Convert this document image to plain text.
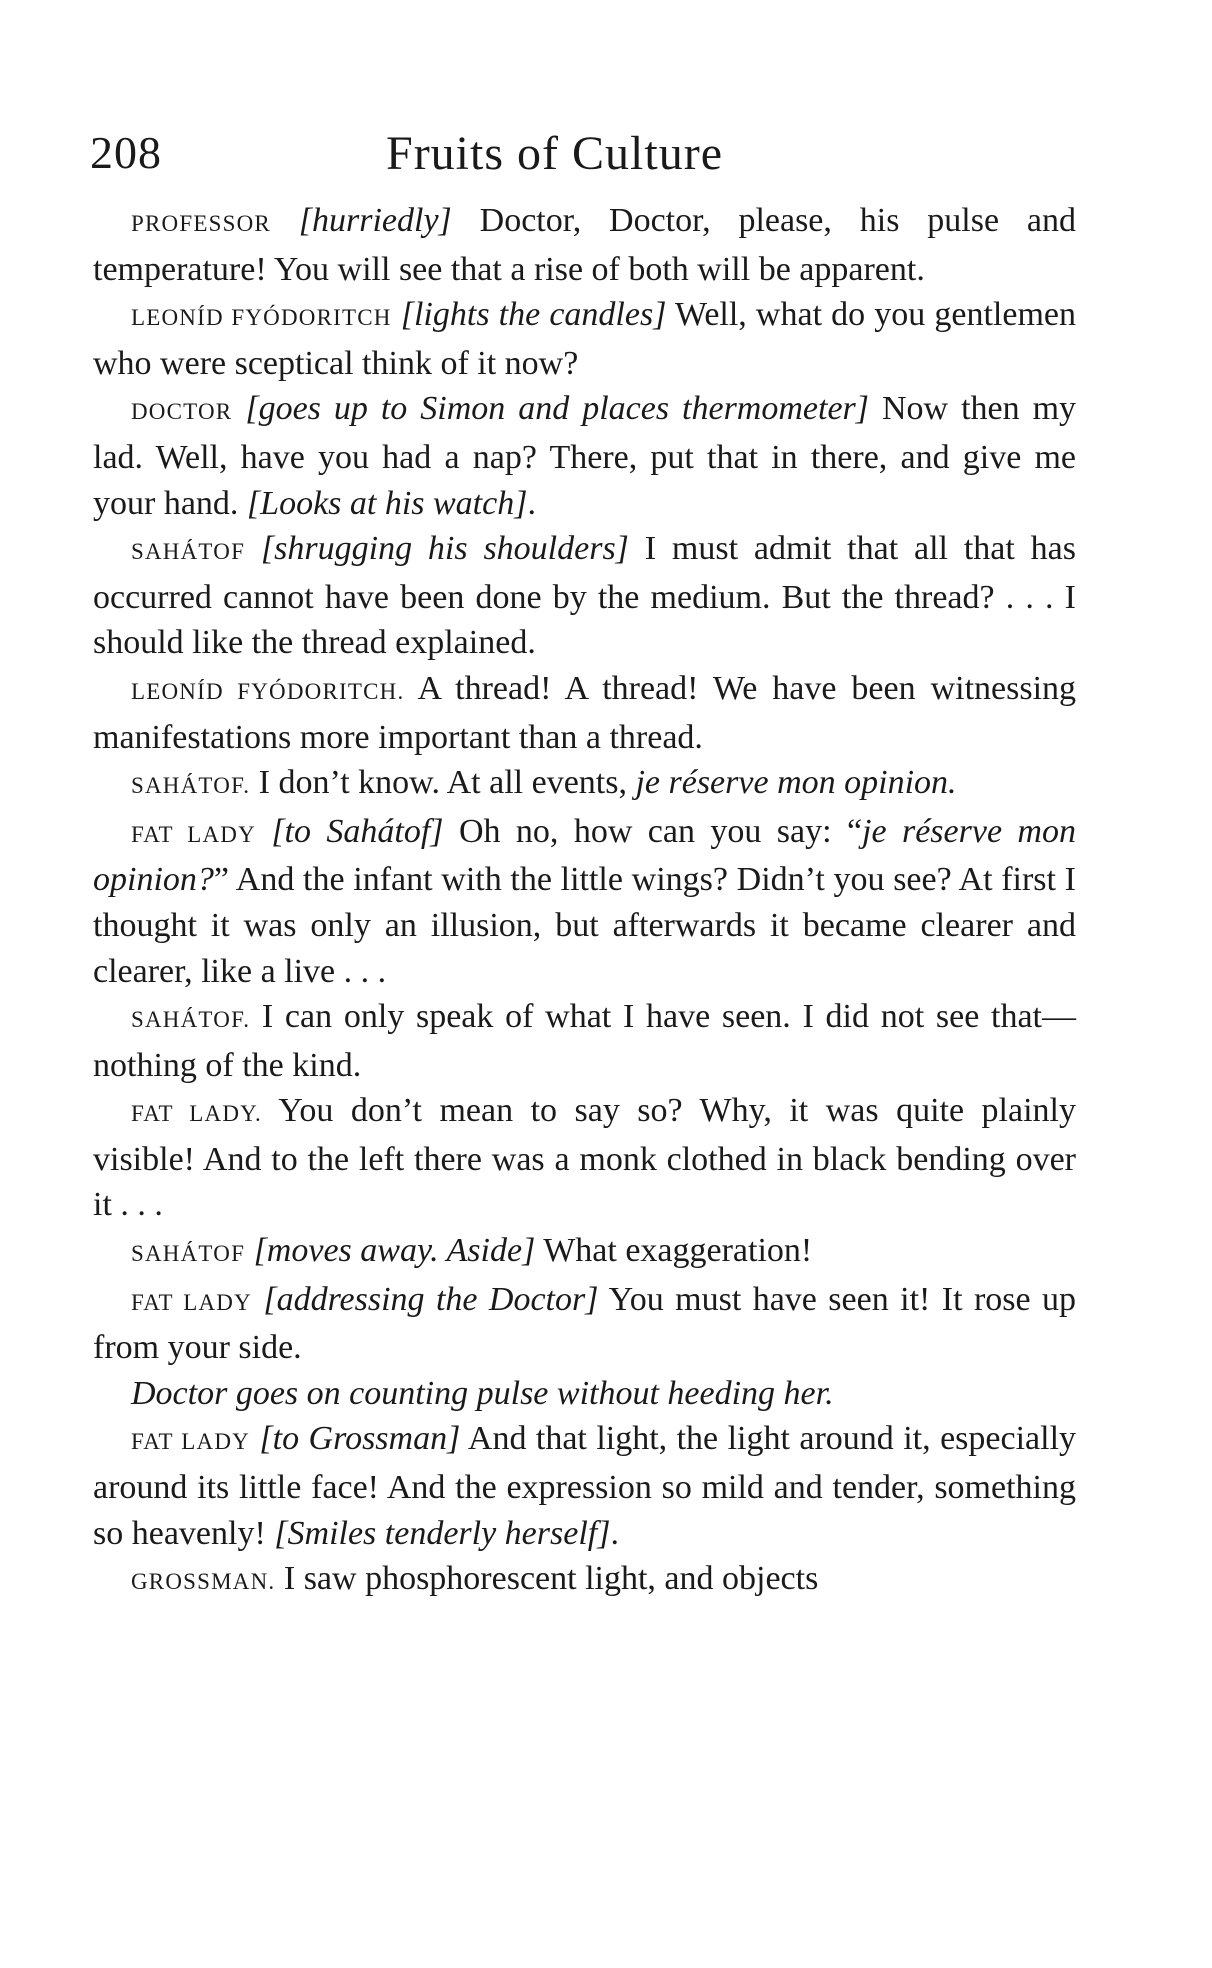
208	Fruits of Culture

PROFESSOR [hurriedly] Doctor, Doctor, please, his pulse and temperature! You will see that a rise of both will be apparent.

LEONÍD FYÓDORITCH [lights the candles] Well, what do you gentlemen who were sceptical think of it now?

DOCTOR [goes up to Simon and places thermometer] Now then my lad. Well, have you had a nap? There, put that in there, and give me your hand. [Looks at his watch].

SAHÁTOF [shrugging his shoulders] I must admit that all that has occurred cannot have been done by the medium. But the thread? . . . I should like the thread explained.

LEONÍD FYÓDORITCH. A thread! A thread! We have been witnessing manifestations more important than a thread.

SAHÁTOF. I don’t know. At all events, je réserve mon opinion.

FAT LADY [to Sahátof] Oh no, how can you say: “je réserve mon opinion?” And the infant with the little wings? Didn’t you see? At first I thought it was only an illusion, but afterwards it became clearer and clearer, like a live . . .

SAHÁTOF. I can only speak of what I have seen. I did not see that—nothing of the kind.

FAT LADY. You don’t mean to say so? Why, it was quite plainly visible! And to the left there was a monk clothed in black bending over it . . .

SAHÁTOF [moves away. Aside] What exaggeration!

FAT LADY [addressing the Doctor] You must have seen it! It rose up from your side.

Doctor goes on counting pulse without heeding her.

FAT LADY [to Grossman] And that light, the light around it, especially around its little face! And the expression so mild and tender, something so heavenly! [Smiles tenderly herself].

GROSSMAN. I saw phosphorescent light, and objects
